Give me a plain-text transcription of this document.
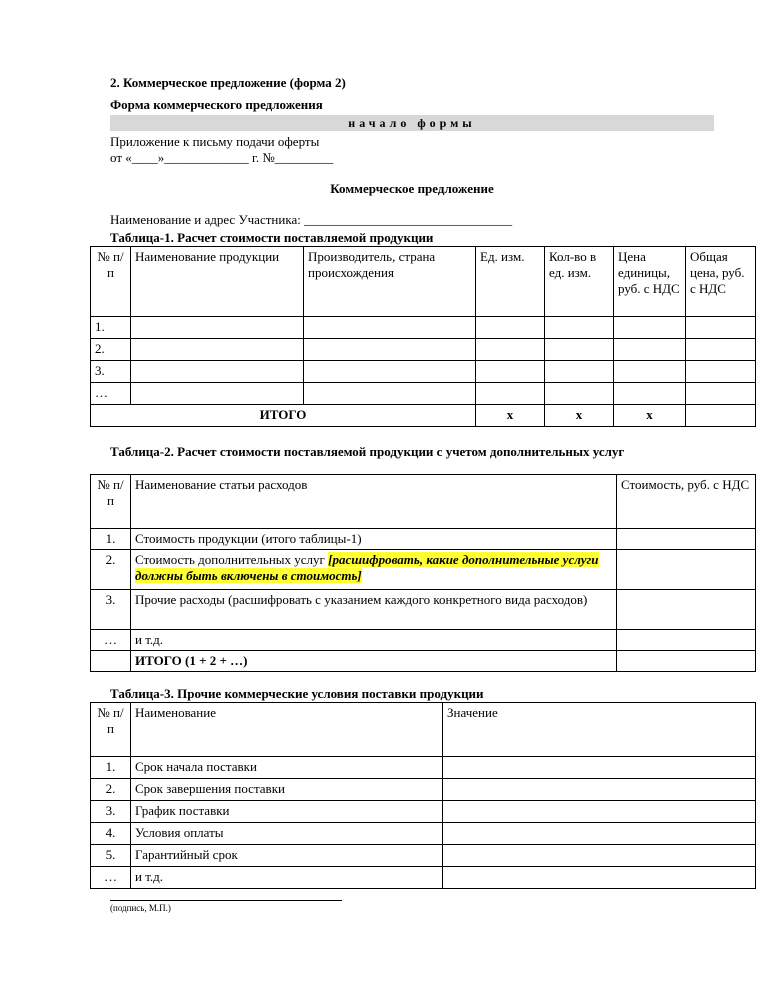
2. Коммерческое предложение (форма 2)
Форма коммерческого предложения
начало формы
Приложение к письму подачи оферты
от «____»_____________ г. №_________
Коммерческое предложение
Наименование и адрес Участника: ________________________________
Таблица-1. Расчет стоимости поставляемой продукции
№ п/п	Наименование продукции	Производитель, страна происхождения	Ед. изм.	Кол-во в ед. изм.	Цена единицы, руб. с НДС	Общая цена, руб. с НДС
1.						
2.						
3.						
…						
ИТОГО			х	х	х	
Таблица-2. Расчет стоимости поставляемой продукции с учетом дополнительных услуг
№ п/п	Наименование статьи расходов	Стоимость, руб. с НДС
1.	Стоимость продукции (итого таблицы-1)	
2.	Стоимость дополнительных услуг [расшифровать, какие дополнительные услуги должны быть включены в стоимость]	
3.	Прочие расходы (расшифровать с указанием каждого конкретного вида расходов)	
…	и т.д.	
	ИТОГО (1 + 2 + …)	
Таблица-3. Прочие коммерческие условия поставки продукции
№ п/п	Наименование	Значение
1.	Срок начала поставки	
2.	Срок завершения поставки	
3.	График поставки	
4.	Условия оплаты	
5.	Гарантийный срок	
…	и т.д.	
(подпись, М.П.)
